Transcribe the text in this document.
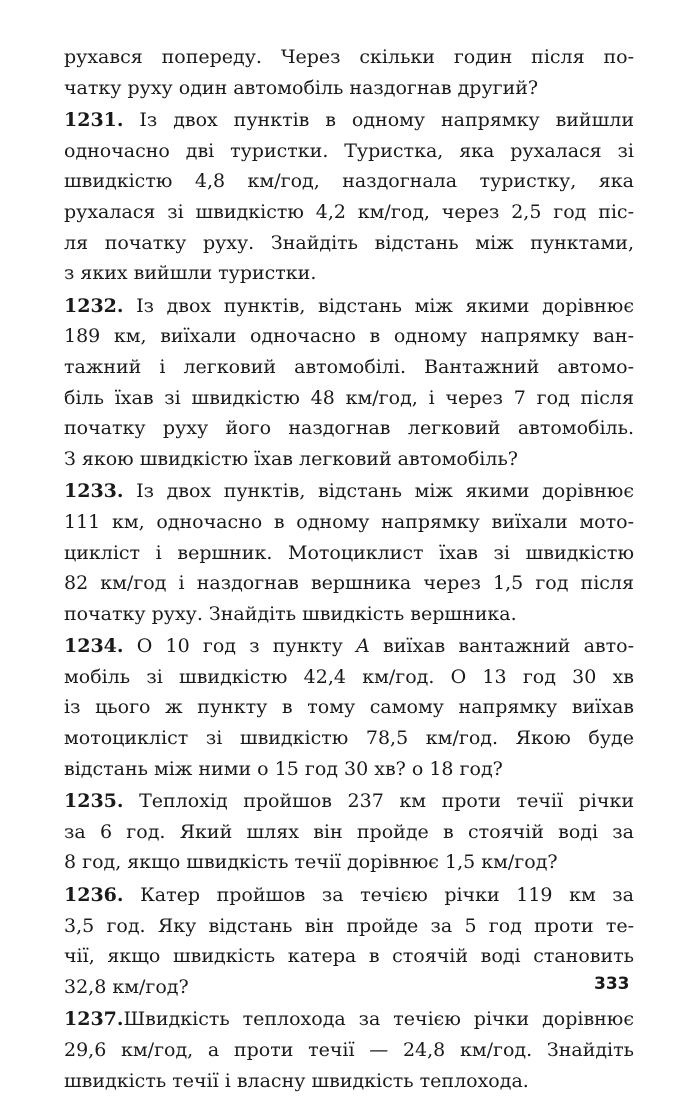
рухався попереду. Через скільки годин після по-
чатку руху один автомобіль наздогнав другий?
1231. Із двох пунктів в одному напрямку вийшли
одночасно дві туристки. Туристка, яка рухалася зі
швидкістю 4,8 км/год, наздогнала туристку, яка
рухалася зі швидкістю 4,2 км/год, через 2,5 год піс-
ля початку руху. Знайдіть відстань між пунктами,
з яких вийшли туристки.
1232. Із двох пунктів, відстань між якими дорівнює
189 км, виїхали одночасно в одному напрямку ван-
тажний і легковий автомобілі. Вантажний автомо-
біль їхав зі швидкістю 48 км/год, і через 7 год після
початку руху його наздогнав легковий автомобіль.
З якою швидкістю їхав легковий автомобіль?
1233. Із двох пунктів, відстань між якими дорівнює
111 км, одночасно в одному напрямку виїхали мото-
цикліст і вершник. Мотоциклист їхав зі швидкістю
82 км/год і наздогнав вершника через 1,5 год після
початку руху. Знайдіть швидкість вершника.
1234. О 10 год з пункту A виїхав вантажний авто-
мобіль зі швидкістю 42,4 км/год. О 13 год 30 хв
із цього ж пункту в тому самому напрямку виїхав
мотоцикліст зі швидкістю 78,5 км/год. Якою буде
відстань між ними о 15 год 30 хв? о 18 год?
1235. Теплохід пройшов 237 км проти течії річки
за 6 год. Який шлях він пройде в стоячій воді за
8 год, якщо швидкість течії дорівнює 1,5 км/год?
1236. Катер пройшов за течією річки 119 км за
3,5 год. Яку відстань він пройде за 5 год проти те-
чії, якщо швидкість катера в стоячій воді становить
32,8 км/год?
1237.Швидкість теплохода за течією річки дорівнює
29,6 км/год, а проти течії — 24,8 км/год. Знайдіть
швидкість течії і власну швидкість теплохода.
333
